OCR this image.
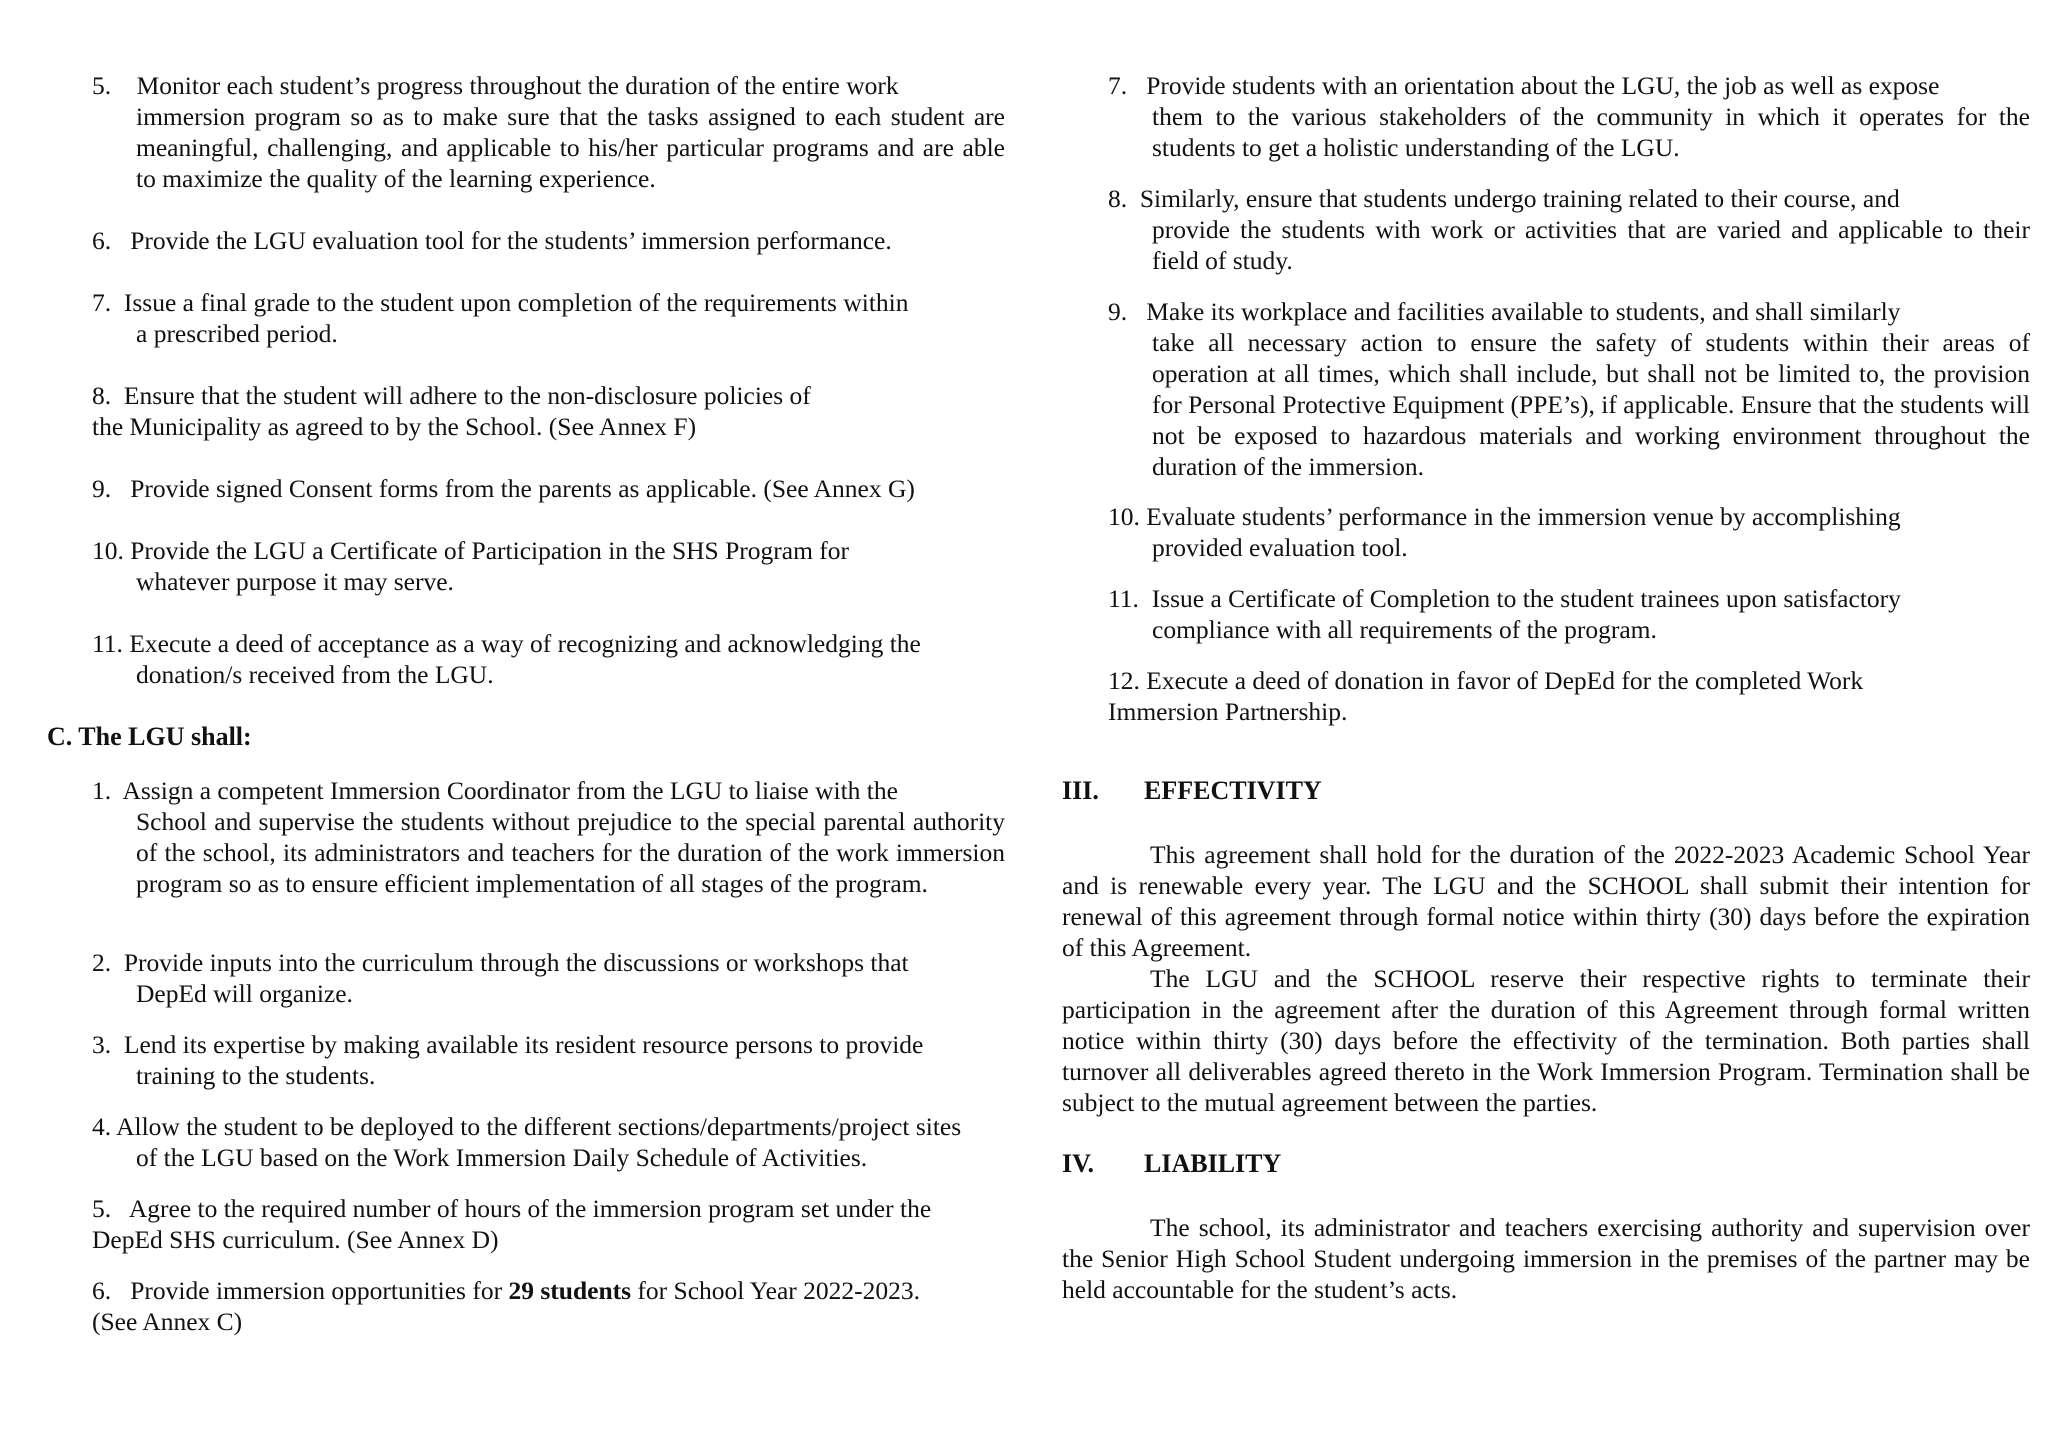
5. Monitor each student’s progress throughout the duration of the entire work
immersion program so as to make sure that the tasks assigned to each student are meaningful, challenging, and applicable to his/her particular programs and are able to maximize the quality of the learning experience.
6. Provide the LGU evaluation tool for the students’ immersion performance.
7. Issue a final grade to the student upon completion of the requirements within
a prescribed period.
8. Ensure that the student will adhere to the non-disclosure policies of
the Municipality as agreed to by the School. (See Annex F)
9. Provide signed Consent forms from the parents as applicable. (See Annex G)
10. Provide the LGU a Certificate of Participation in the SHS Program for
whatever purpose it may serve.
11. Execute a deed of acceptance as a way of recognizing and acknowledging the
donation/s received from the LGU.
C. The LGU shall:
1. Assign a competent Immersion Coordinator from the LGU to liaise with the
School and supervise the students without prejudice to the special parental authority of the school, its administrators and teachers for the duration of the work immersion program so as to ensure efficient implementation of all stages of the program.
2. Provide inputs into the curriculum through the discussions or workshops that
DepEd will organize.
3. Lend its expertise by making available its resident resource persons to provide
training to the students.
4. Allow the student to be deployed to the different sections/departments/project sites
of the LGU based on the Work Immersion Daily Schedule of Activities.
5. Agree to the required number of hours of the immersion program set under the
DepEd SHS curriculum. (See Annex D)
6. Provide immersion opportunities for 29 students for School Year 2022-2023.
(See Annex C)
7. Provide students with an orientation about the LGU, the job as well as expose
them to the various stakeholders of the community in which it operates for the students to get a holistic understanding of the LGU.
8. Similarly, ensure that students undergo training related to their course, and
provide the students with work or activities that are varied and applicable to their field of study.
9. Make its workplace and facilities available to students, and shall similarly
take all necessary action to ensure the safety of students within their areas of operation at all times, which shall include, but shall not be limited to, the provision for Personal Protective Equipment (PPE’s), if applicable. Ensure that the students will not be exposed to hazardous materials and working environment throughout the duration of the immersion.
10. Evaluate students’ performance in the immersion venue by accomplishing
provided evaluation tool.
11. Issue a Certificate of Completion to the student trainees upon satisfactory
compliance with all requirements of the program.
12. Execute a deed of donation in favor of DepEd for the completed Work
Immersion Partnership.
III. EFFECTIVITY
This agreement shall hold for the duration of the 2022-2023 Academic School Year and is renewable every year. The LGU and the SCHOOL shall submit their intention for renewal of this agreement through formal notice within thirty (30) days before the expiration of this Agreement.
The LGU and the SCHOOL reserve their respective rights to terminate their participation in the agreement after the duration of this Agreement through formal written notice within thirty (30) days before the effectivity of the termination. Both parties shall turnover all deliverables agreed thereto in the Work Immersion Program. Termination shall be subject to the mutual agreement between the parties.
IV. LIABILITY
The school, its administrator and teachers exercising authority and supervision over the Senior High School Student undergoing immersion in the premises of the partner may be held accountable for the student’s acts.
